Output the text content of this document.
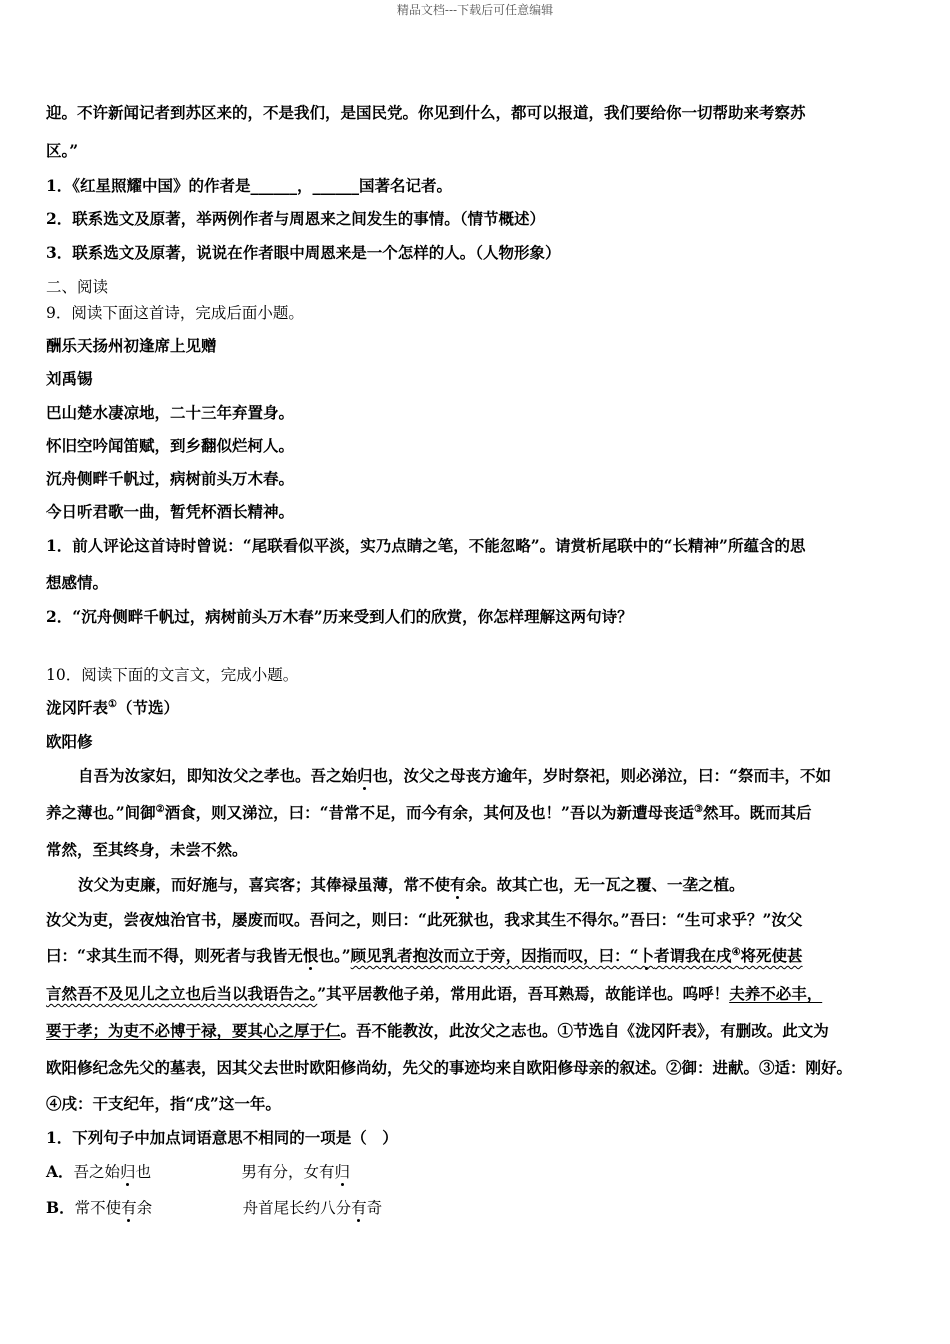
精品文档---下载后可任意编辑
迎。不许新闻记者到苏区来的，不是我们，是国民党。你见到什么，都可以报道，我们要给你一切帮助来考察苏
区。”
1．《红星照耀中国》的作者是______，______国著名记者。
2．联系选文及原著，举两例作者与周恩来之间发生的事情。（情节概述）
3．联系选文及原著，说说在作者眼中周恩来是一个怎样的人。（人物形象）
二、阅读
9．阅读下面这首诗，完成后面小题。
酬乐天扬州初逢席上见赠
刘禹锡
巴山楚水凄凉地，二十三年弃置身。
怀旧空吟闻笛赋，到乡翻似烂柯人。
沉舟侧畔千帆过，病树前头万木春。
今日听君歌一曲，暂凭杯酒长精神。
1．前人评论这首诗时曾说：“尾联看似平淡，实乃点睛之笔，不能忽略”。请赏析尾联中的“长精神”所蕴含的思
想感情。
2．“沉舟侧畔千帆过，病树前头万木春”历来受到人们的欣赏，你怎样理解这两句诗？
10．阅读下面的文言文，完成小题。
泷冈阡表①（节选）
欧阳修
自吾为汝家妇，即知汝父之孝也。吾之始归也，汝父之母丧方逾年，岁时祭祀，则必涕泣，曰：“祭而丰，不如
养之薄也。”间御②酒食，则又涕泣，曰：“昔常不足，而今有余，其何及也！”吾以为新遭母丧适③然耳。既而其后
常然，至其终身，未尝不然。
汝父为吏廉，而好施与，喜宾客；其俸禄虽薄，常不使有余。故其亡也，无一瓦之覆、一垄之植。
汝父为吏，尝夜烛治官书，屡废而叹。吾问之，则曰：“此死狱也，我求其生不得尔。”吾曰：“生可求乎？”汝父
曰：“求其生而不得，则死者与我皆无恨也。”顾见乳者抱汝而立于旁，因指而叹，曰：“卜者谓我在戌④将死使甚
言然吾不及见儿之立也后当以我语告之。”其平居教他子弟，常用此语，吾耳熟焉，故能详也。呜呼！夫养不必丰，
要于孝；为吏不必博于禄，要其心之厚于仁。吾不能教汝，此汝父之志也。①节选自《泷冈阡表》，有删改。此文为
欧阳修纪念先父的墓表，因其父去世时欧阳修尚幼，先父的事迹均来自欧阳修母亲的叙述。②御：进献。③适：刚好。
④戌：干支纪年，指“戌”这一年。
1．下列句子中加点词语意思不相同的一项是（　）
A．吾之始归也	男有分，女有归
B．常不使有余	舟首尾长约八分有奇
